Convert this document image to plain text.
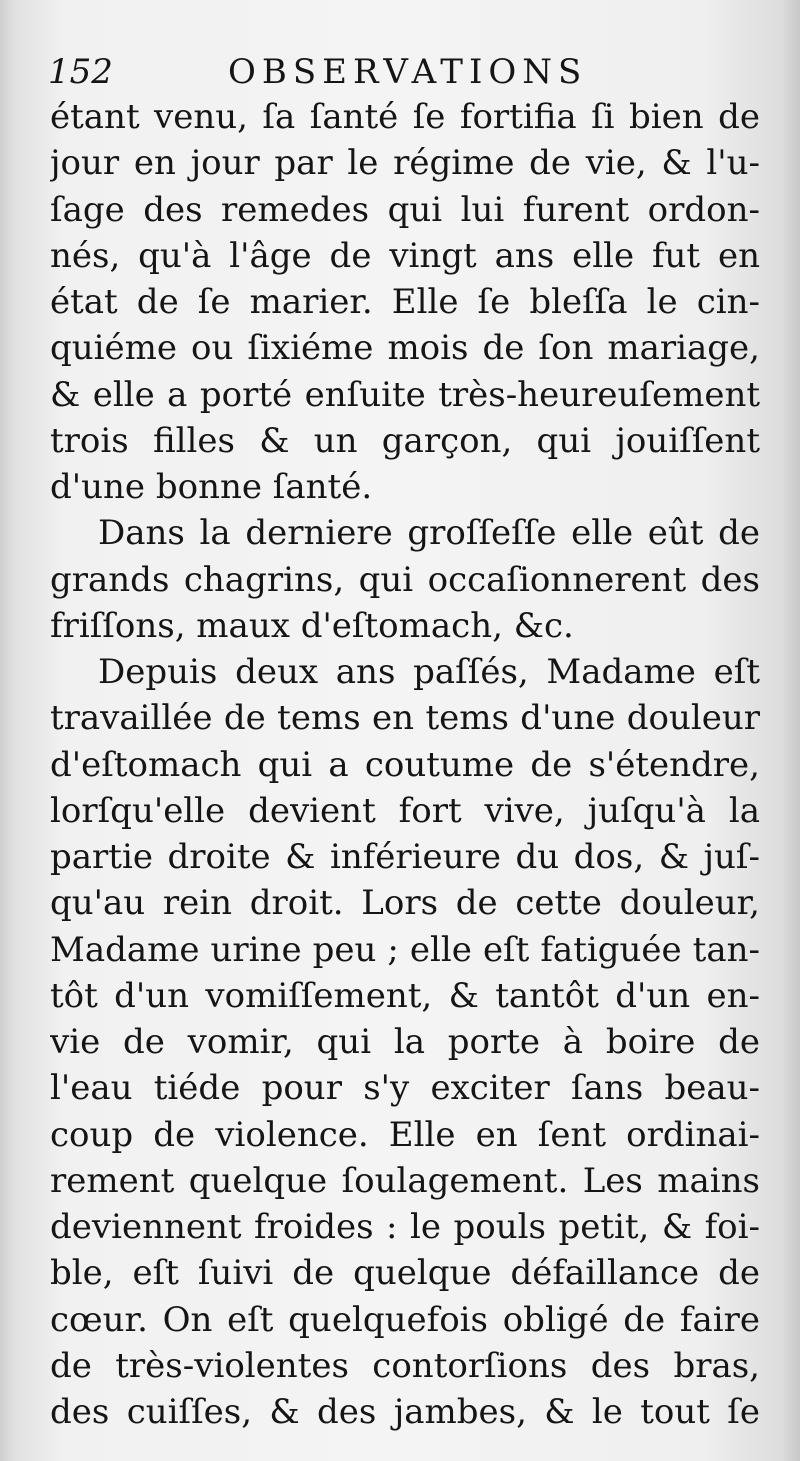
152	OBSERVATIONS
étant venu, ſa ſanté ſe fortifia ſi bien de
jour en jour par le régime de vie, & l'u-
ſage des remedes qui lui furent ordon-
nés, qu'à l'âge de vingt ans elle fut en
état de ſe marier. Elle ſe bleſſa le cin-
quiéme ou ſixiéme mois de ſon mariage,
& elle a porté enſuite très-heureuſement
trois filles & un garçon, qui jouiſſent
d'une bonne ſanté.
Dans la derniere groſſeſſe elle eût de
grands chagrins, qui occaſionnerent des
friſſons, maux d'eſtomach, &c.
Depuis deux ans paſſés, Madame eſt
travaillée de tems en tems d'une douleur
d'eſtomach qui a coutume de s'étendre,
lorſqu'elle devient fort vive, juſqu'à la
partie droite & inférieure du dos, & juſ-
qu'au rein droit. Lors de cette douleur,
Madame urine peu ; elle eſt fatiguée tan-
tôt d'un vomiſſement, & tantôt d'un en-
vie de vomir, qui la porte à boire de
l'eau tiéde pour s'y exciter ſans beau-
coup de violence. Elle en ſent ordinai-
rement quelque ſoulagement. Les mains
deviennent froides : le pouls petit, & foi-
ble, eſt ſuivi de quelque défaillance de
cœur. On eſt quelquefois obligé de faire
de très-violentes contorſions des bras,
des cuiſſes, & des jambes, & le tout ſe
